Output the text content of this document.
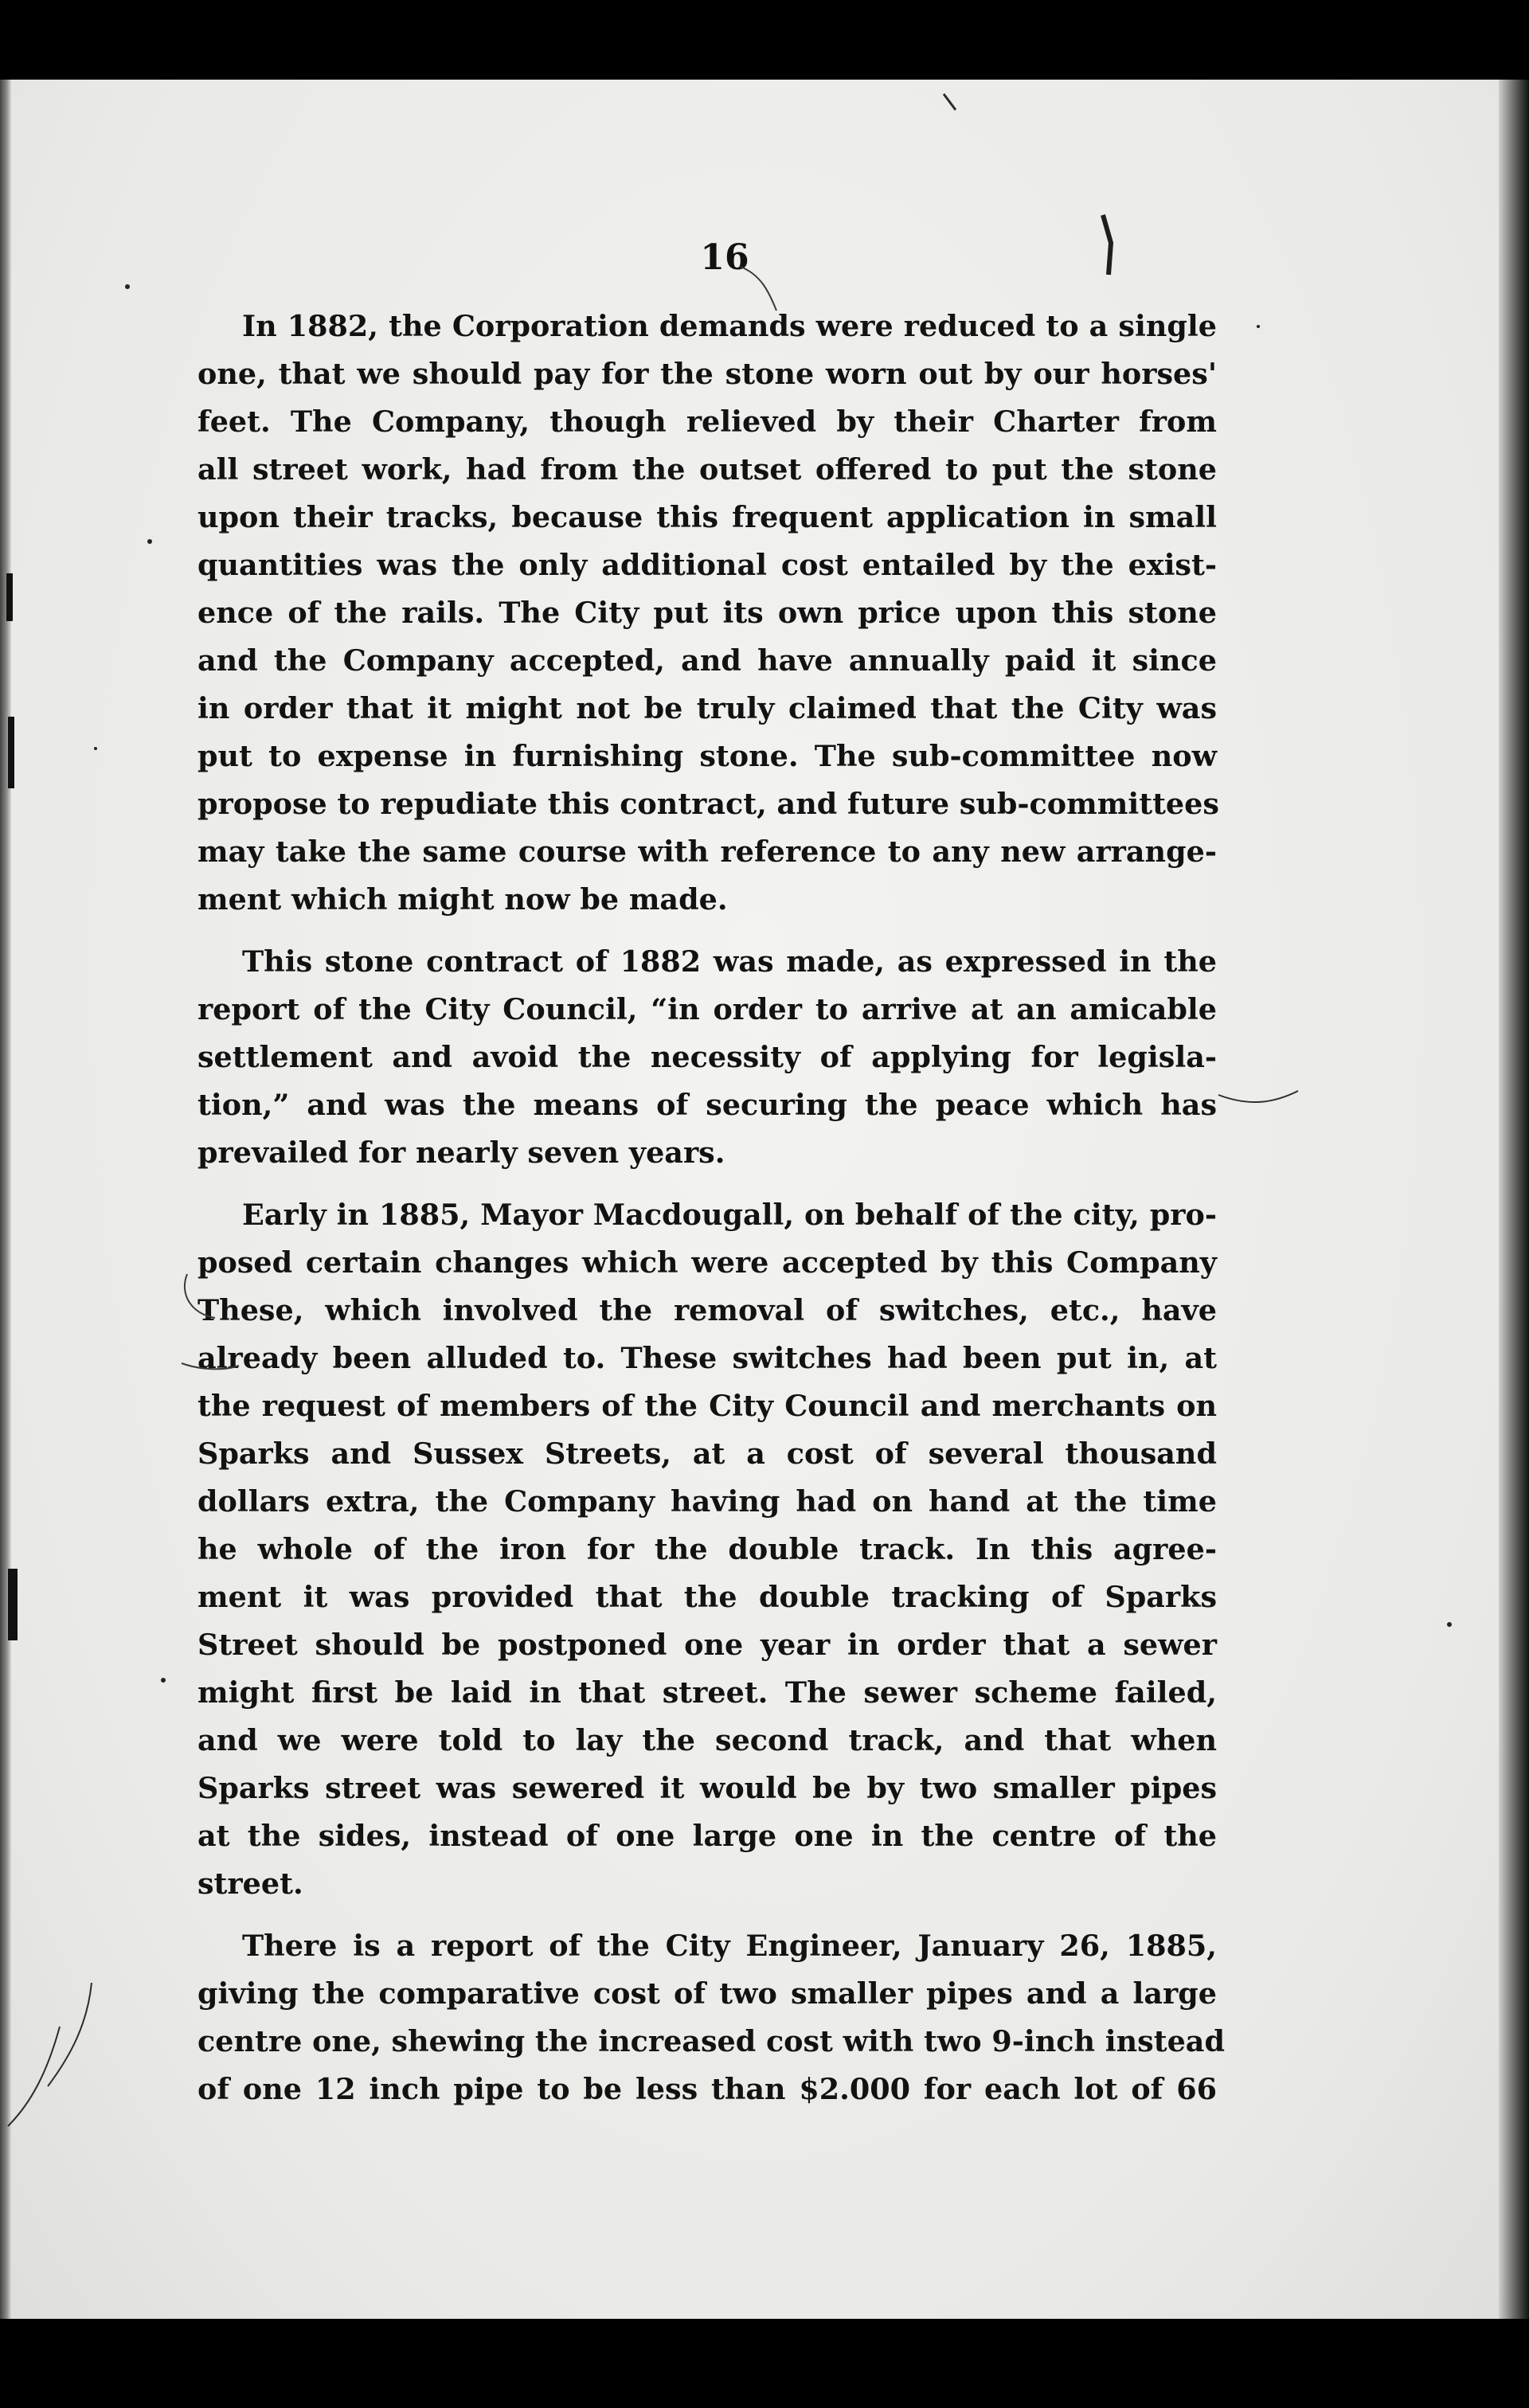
16
In 1882, the Corporation demands were reduced to a single
one, that we should pay for the stone worn out by our horses'
feet. The Company, though relieved by their Charter from
all street work, had from the outset offered to put the stone
upon their tracks, because this frequent application in small
quantities was the only additional cost entailed by the exist-
ence of the rails. The City put its own price upon this stone
and the Company accepted, and have annually paid it since
in order that it might not be truly claimed that the City was
put to expense in furnishing stone. The sub-committee now
propose to repudiate this contract, and future sub-committees
may take the same course with reference to any new arrange-
ment which might now be made.
This stone contract of 1882 was made, as expressed in the
report of the City Council, “in order to arrive at an amicable
settlement and avoid the necessity of applying for legisla-
tion,” and was the means of securing the peace which has
prevailed for nearly seven years.
Early in 1885, Mayor Macdougall, on behalf of the city, pro-
posed certain changes which were accepted by this Company
These, which involved the removal of switches, etc., have
already been alluded to. These switches had been put in, at
the request of members of the City Council and merchants on
Sparks and Sussex Streets, at a cost of several thousand
dollars extra, the Company having had on hand at the time
he whole of the iron for the double track. In this agree-
ment it was provided that the double tracking of Sparks
Street should be postponed one year in order that a sewer
might first be laid in that street. The sewer scheme failed,
and we were told to lay the second track, and that when
Sparks street was sewered it would be by two smaller pipes
at the sides, instead of one large one in the centre of the
street.
There is a report of the City Engineer, January 26, 1885,
giving the comparative cost of two smaller pipes and a large
centre one, shewing the increased cost with two 9-inch instead
of one 12 inch pipe to be less than $2.000 for each lot of 66
